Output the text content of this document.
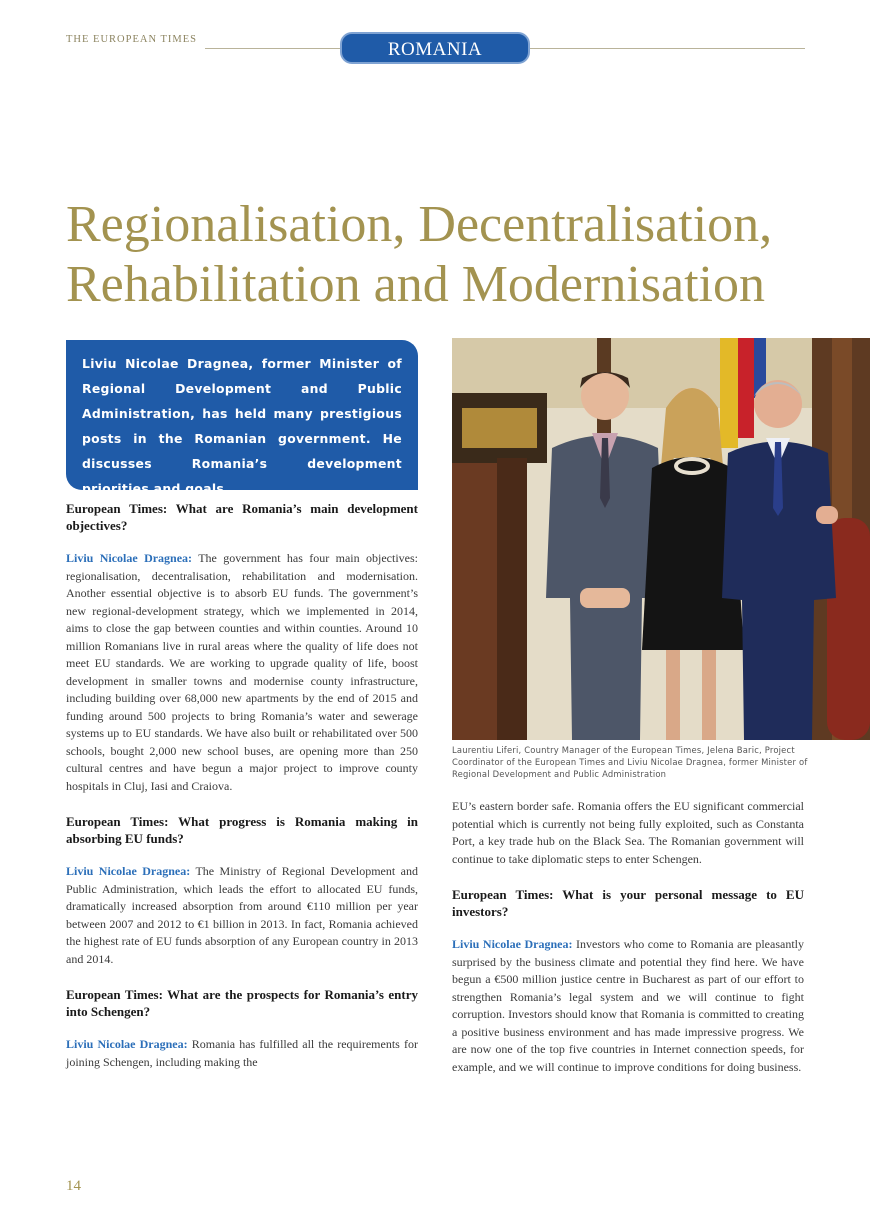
THE EUROPEAN TIMES	ROMANIA
Regionalisation, Decentralisation, Rehabilitation and Modernisation
Liviu Nicolae Dragnea, former Minister of Regional Development and Public Administration, has held many prestigious posts in the Romanian government. He discusses Romania’s development priorities and goals.

European Times: What are Romania’s main development objectives?

Liviu Nicolae Dragnea: The government has four main objectives: regionalisation, decentralisation, rehabilitation and modernisation. Another essential objective is to absorb EU funds. The government’s new regional-development strategy, which we implemented in 2014, aims to close the gap between counties and within counties. Around 10 million Romanians live in rural areas where the quality of life does not meet EU standards. We are working to upgrade quality of life, boost development in smaller towns and modernise county infrastructure, including building over 68,000 new apartments by the end of 2015 and funding around 500 projects to bring Romania’s water and sewerage systems up to EU standards. We have also built or rehabilitated over 500 schools, bought 2,000 new school buses, are opening more than 250 cultural centres and have begun a major project to improve county hospitals in Cluj, Iasi and Craiova.

European Times: What progress is Romania making in absorbing EU funds?

Liviu Nicolae Dragnea: The Ministry of Regional Development and Public Administration, which leads the effort to allocated EU funds, dramatically increased absorption from around €110 million per year between 2007 and 2012 to €1 billion in 2013. In fact, Romania achieved the highest rate of EU funds absorption of any European country in 2013 and 2014.

European Times: What are the prospects for Romania’s entry into Schengen?

Liviu Nicolae Dragnea: Romania has fulfilled all the requirements for joining Schengen, including making the

Laurentiu Liferi, Country Manager of the European Times, Jelena Baric, Project Coordinator of the European Times and Liviu Nicolae Dragnea, former Minister of Regional Development and Public Administration

EU’s eastern border safe. Romania offers the EU significant commercial potential which is currently not being fully exploited, such as Constanta Port, a key trade hub on the Black Sea. The Romanian government will continue to take diplomatic steps to enter Schengen.

European Times: What is your personal message to EU investors?

Liviu Nicolae Dragnea: Investors who come to Romania are pleasantly surprised by the business climate and potential they find here. We have begun a €500 million justice centre in Bucharest as part of our effort to strengthen Romania’s legal system and we will continue to fight corruption. Investors should know that Romania is committed to creating a positive business environment and has made impressive progress. We are now one of the top five countries in Internet connection speeds, for example, and we will continue to improve conditions for doing business.

14
